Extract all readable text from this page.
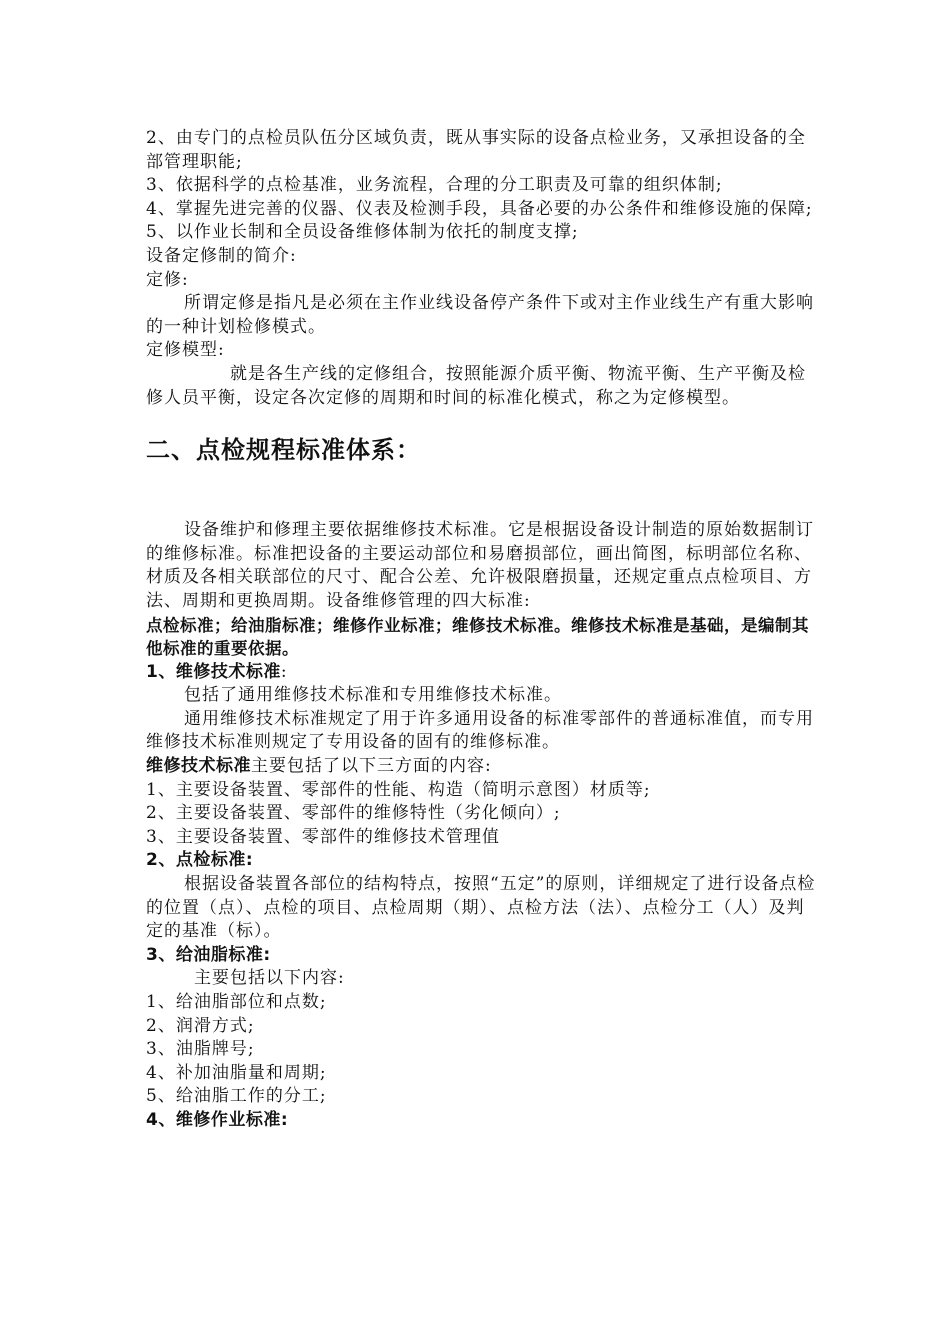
2、由专门的点检员队伍分区域负责，既从事实际的设备点检业务，又承担设备的全部管理职能;

3、依据科学的点检基准，业务流程，合理的分工职责及可靠的组织体制;

4、掌握先进完善的仪器、仪表及检测手段，具备必要的办公条件和维修设施的保障;

5、以作业长制和全员设备维修体制为依托的制度支撑;

设备定修制的简介:

定修:

所谓定修是指凡是必须在主作业线设备停产条件下或对主作业线生产有重大影响的一种计划检修模式。

定修模型:

就是各生产线的定修组合，按照能源介质平衡、物流平衡、生产平衡及检修人员平衡，设定各次定修的周期和时间的标准化模式，称之为定修模型。

二、点检规程标准体系：

设备维护和修理主要依据维修技术标准。它是根据设备设计制造的原始数据制订的维修标准。标准把设备的主要运动部位和易磨损部位，画出简图，标明部位名称、材质及各相关联部位的尺寸、配合公差、允许极限磨损量，还规定重点点检项目、方法、周期和更换周期。设备维修管理的四大标准:

点检标准；给油脂标准；维修作业标准；维修技术标准。维修技术标准是基础，是编制其他标准的重要依据。

1、维修技术标准:

包括了通用维修技术标准和专用维修技术标准。

通用维修技术标准规定了用于许多通用设备的标准零部件的普通标准值，而专用维修技术标准则规定了专用设备的固有的维修标准。

维修技术标准主要包括了以下三方面的内容:

1、主要设备装置、零部件的性能、构造（简明示意图）材质等;

2、主要设备装置、零部件的维修特性（劣化倾向）;

3、主要设备装置、零部件的维修技术管理值

2、点检标准:

根据设备装置各部位的结构特点，按照“五定”的原则，详细规定了进行设备点检的位置（点）、点检的项目、点检周期（期）、点检方法（法）、点检分工（人）及判定的基准（标）。

3、给油脂标准:

主要包括以下内容:

1、给油脂部位和点数;

2、润滑方式;

3、油脂牌号;

4、补加油脂量和周期;

5、给油脂工作的分工;

4、维修作业标准:
